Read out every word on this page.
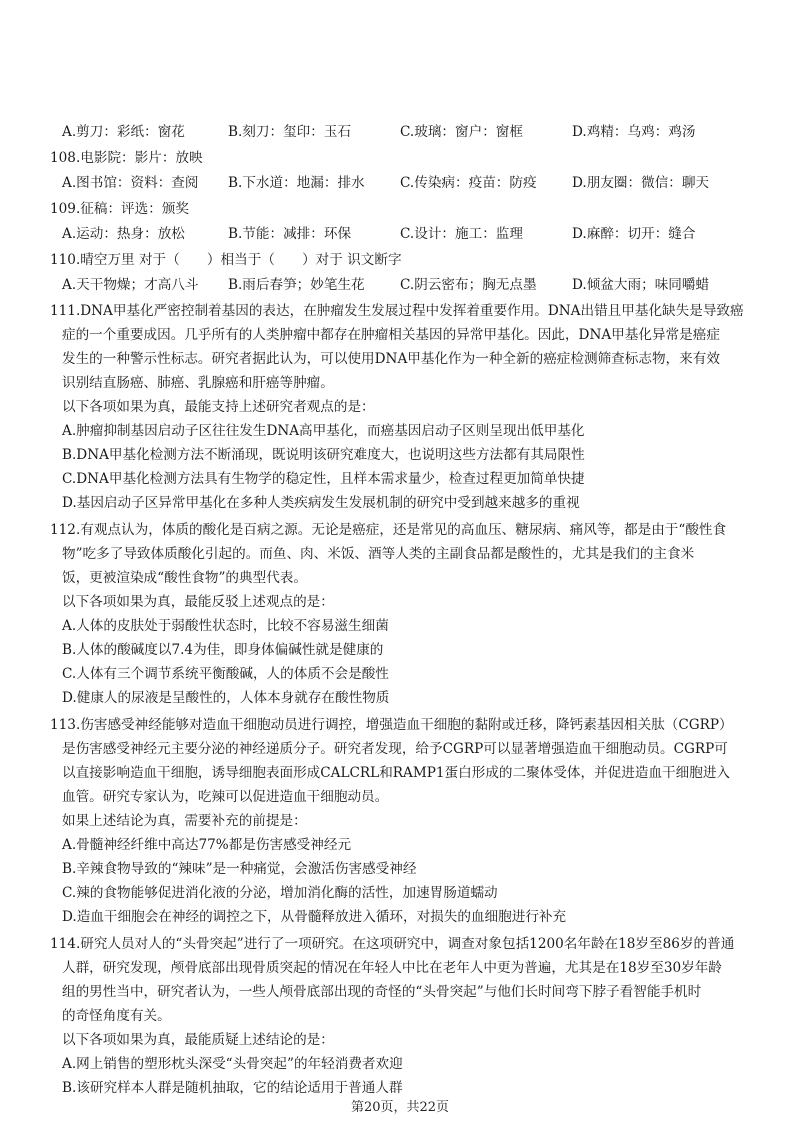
A.剪刀：彩纸：窗花	B.刻刀：玺印：玉石	C.玻璃：窗户：窗框	D.鸡精：乌鸡：鸡汤
108.电影院：影片：放映
A.图书馆：资料：查阅 B.下水道：地漏：排水	C.传染病：疫苗：防疫	D.朋友圈：微信：聊天
109.征稿：评选：颁奖
A.运动：热身：放松	B.节能：减排：环保	C.设计：施工：监理	D.麻醉：切开：缝合
110.晴空万里 对于（　　）相当于（　　）对于 识文断字
A.天干物燥；才高八斗 B.雨后春笋；妙笔生花	C.阴云密布；胸无点墨	D.倾盆大雨；味同嚼蜡
111.DNA甲基化严密控制着基因的表达，在肿瘤发生发展过程中发挥着重要作用。DNA出错且甲基化缺失是导致癌
症的一个重要成因。几乎所有的人类肿瘤中都存在肿瘤相关基因的异常甲基化。因此，DNA甲基化异常是癌症
发生的一种警示性标志。研究者据此认为，可以使用DNA甲基化作为一种全新的癌症检测筛查标志物，来有效
识别结直肠癌、肺癌、乳腺癌和肝癌等肿瘤。
以下各项如果为真，最能支持上述研究者观点的是：
A.肿瘤抑制基因启动子区往往发生DNA高甲基化，而癌基因启动子区则呈现出低甲基化
B.DNA甲基化检测方法不断涌现，既说明该研究难度大，也说明这些方法都有其局限性
C.DNA甲基化检测方法具有生物学的稳定性，且样本需求量少，检查过程更加简单快捷
D.基因启动子区异常甲基化在多种人类疾病发生发展机制的研究中受到越来越多的重视
112.有观点认为，体质的酸化是百病之源。无论是癌症，还是常见的高血压、糖尿病、痛风等，都是由于“酸性食
物”吃多了导致体质酸化引起的。而鱼、肉、米饭、酒等人类的主副食品都是酸性的，尤其是我们的主食米
饭，更被渲染成“酸性食物”的典型代表。
以下各项如果为真，最能反驳上述观点的是：
A.人体的皮肤处于弱酸性状态时，比较不容易滋生细菌
B.人体的酸碱度以7.4为佳，即身体偏碱性就是健康的
C.人体有三个调节系统平衡酸碱，人的体质不会是酸性
D.健康人的尿液是呈酸性的，人体本身就存在酸性物质
113.伤害感受神经能够对造血干细胞动员进行调控，增强造血干细胞的黏附或迁移，降钙素基因相关肽（CGRP）
是伤害感受神经元主要分泌的神经递质分子。研究者发现，给予CGRP可以显著增强造血干细胞动员。CGRP可
以直接影响造血干细胞，诱导细胞表面形成CALCRL和RAMP1蛋白形成的二聚体受体，并促进造血干细胞进入
血管。研究专家认为，吃辣可以促进造血干细胞动员。
如果上述结论为真，需要补充的前提是：
A.骨髓神经纤维中高达77%都是伤害感受神经元
B.辛辣食物导致的“辣味”是一种痛觉，会激活伤害感受神经
C.辣的食物能够促进消化液的分泌，增加消化酶的活性，加速胃肠道蠕动
D.造血干细胞会在神经的调控之下，从骨髓释放进入循环，对损失的血细胞进行补充
114.研究人员对人的“头骨突起”进行了一项研究。在这项研究中，调查对象包括1200名年龄在18岁至86岁的普通
人群，研究发现，颅骨底部出现骨质突起的情况在年轻人中比在老年人中更为普遍，尤其是在18岁至30岁年龄
组的男性当中，研究者认为，一些人颅骨底部出现的奇怪的“头骨突起”与他们长时间弯下脖子看智能手机时
的奇怪角度有关。
以下各项如果为真，最能质疑上述结论的是：
A.网上销售的塑形枕头深受“头骨突起”的年轻消费者欢迎
B.该研究样本人群是随机抽取，它的结论适用于普通人群
第20页，共22页
